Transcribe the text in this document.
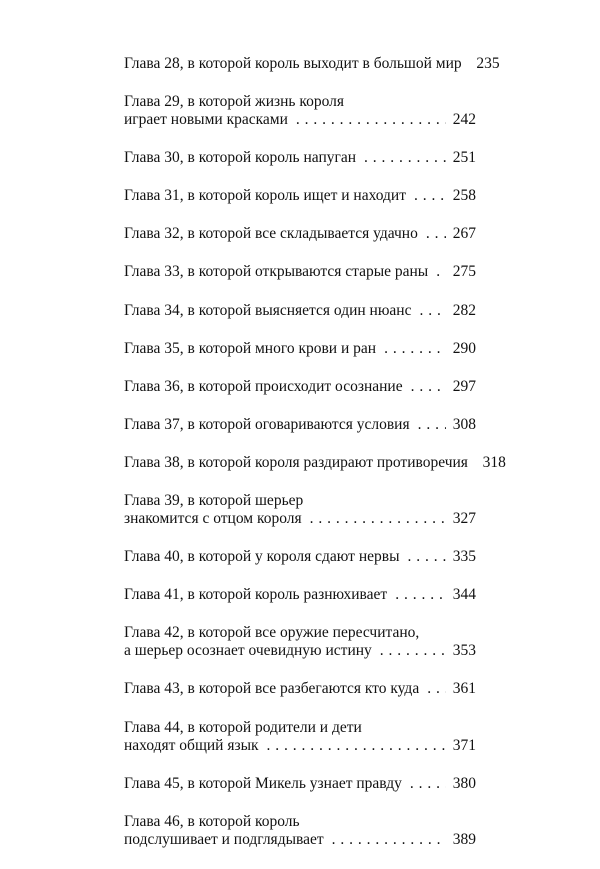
Глава 28, в которой король выходит в большой мир 235
Глава 29, в которой жизнь короля
играет новыми красками . . .	242
Глава 30, в которой король напуган . . .	251
Глава 31, в которой король ищет и находит . . .	258
Глава 32, в которой все складывается удачно . . . 267
Глава 33, в которой открываются старые раны . . . 275
Глава 34, в которой выясняется один нюанс . . .	282
Глава 35, в которой много крови и ран . . .	290
Глава 36, в которой происходит осознание . . .	297
Глава 37, в которой оговариваются условия . . .	308
Глава 38, в которой короля раздирают противоречия 318
Глава 39, в которой шерьер
знакомится с отцом короля . . .	327
Глава 40, в которой у короля сдают нервы . . .	335
Глава 41, в которой король разнюхивает . . .	344
Глава 42, в которой все оружие пересчитано,
а шерьер осознает очевидную истину . . .	353
Глава 43, в которой все разбегаются кто куда . . . 361
Глава 44, в которой родители и дети
находят общий язык . . .	371
Глава 45, в которой Микель узнает правду . . .	380
Глава 46, в которой король
подслушивает и подглядывает . . .	389
